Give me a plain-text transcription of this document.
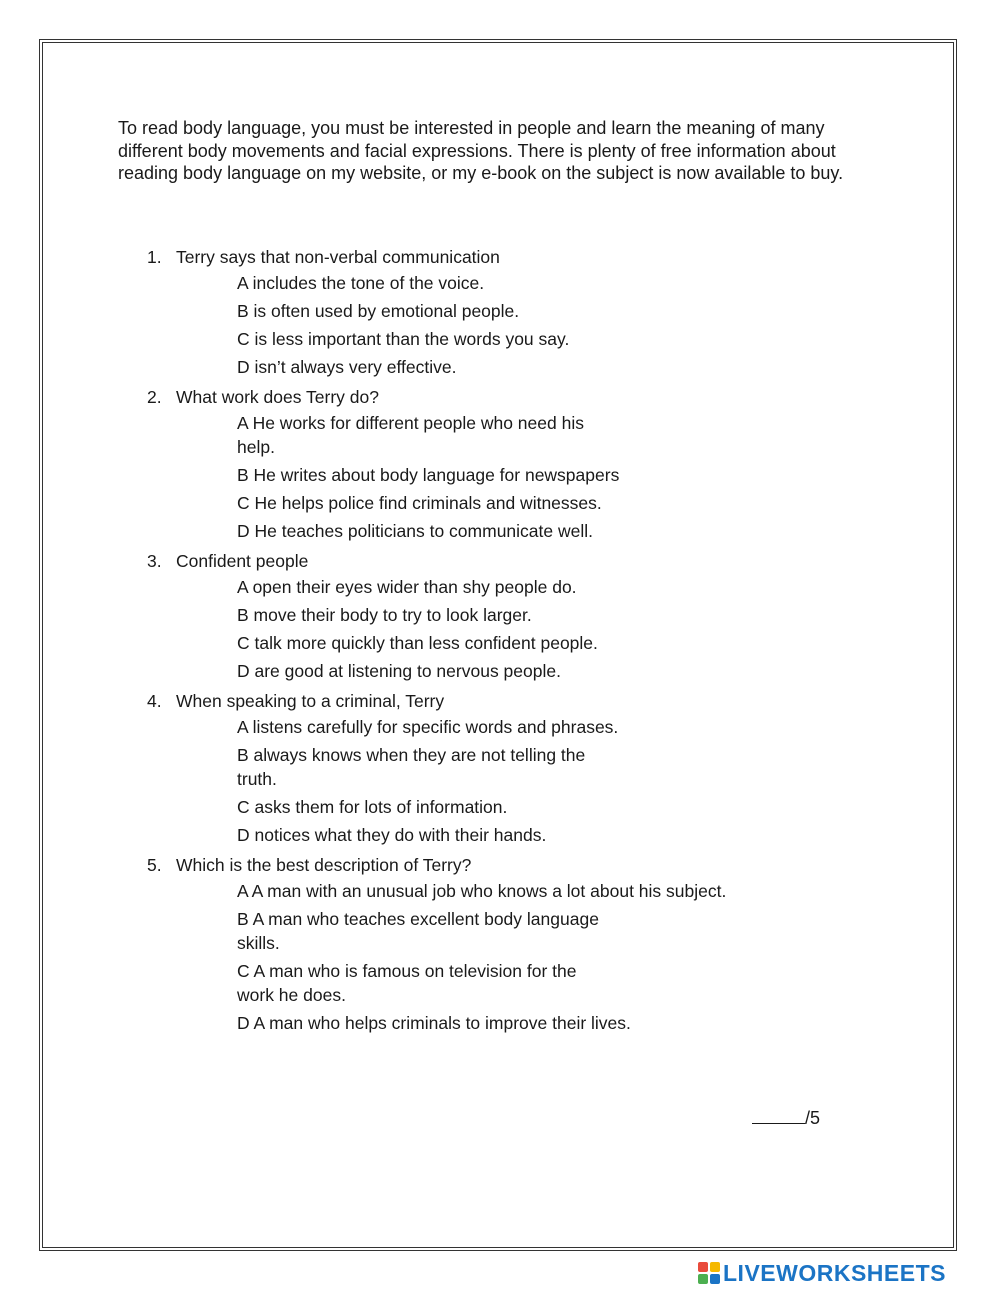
To read body language, you must be interested in people and learn the meaning of many different body movements and facial expressions. There is plenty of free information about reading body language on my website, or my e-book on the subject is now available to buy.

1. Terry says that non-verbal communication
A includes the tone of the voice.
B is often used by emotional people.
C is less important than the words you say.
D isn’t always very effective.
2. What work does Terry do?
A He works for different people who need his help.
B He writes about body language for newspapers
C He helps police find criminals and witnesses.
D He teaches politicians to communicate well.
3. Confident people
A open their eyes wider than shy people do.
B move their body to try to look larger.
C talk more quickly than less confident people.
D are good at listening to nervous people.
4. When speaking to a criminal, Terry
A listens carefully for specific words and phrases.
B always knows when they are not telling the truth.
C asks them for lots of information.
D notices what they do with their hands.
5. Which is the best description of Terry?
A A man with an unusual job who knows a lot about his subject.
B A man who teaches excellent body language skills.
C A man who is famous on television for the work he does.
D A man who helps criminals to improve their lives.
/5
LIVEWORKSHEETS
